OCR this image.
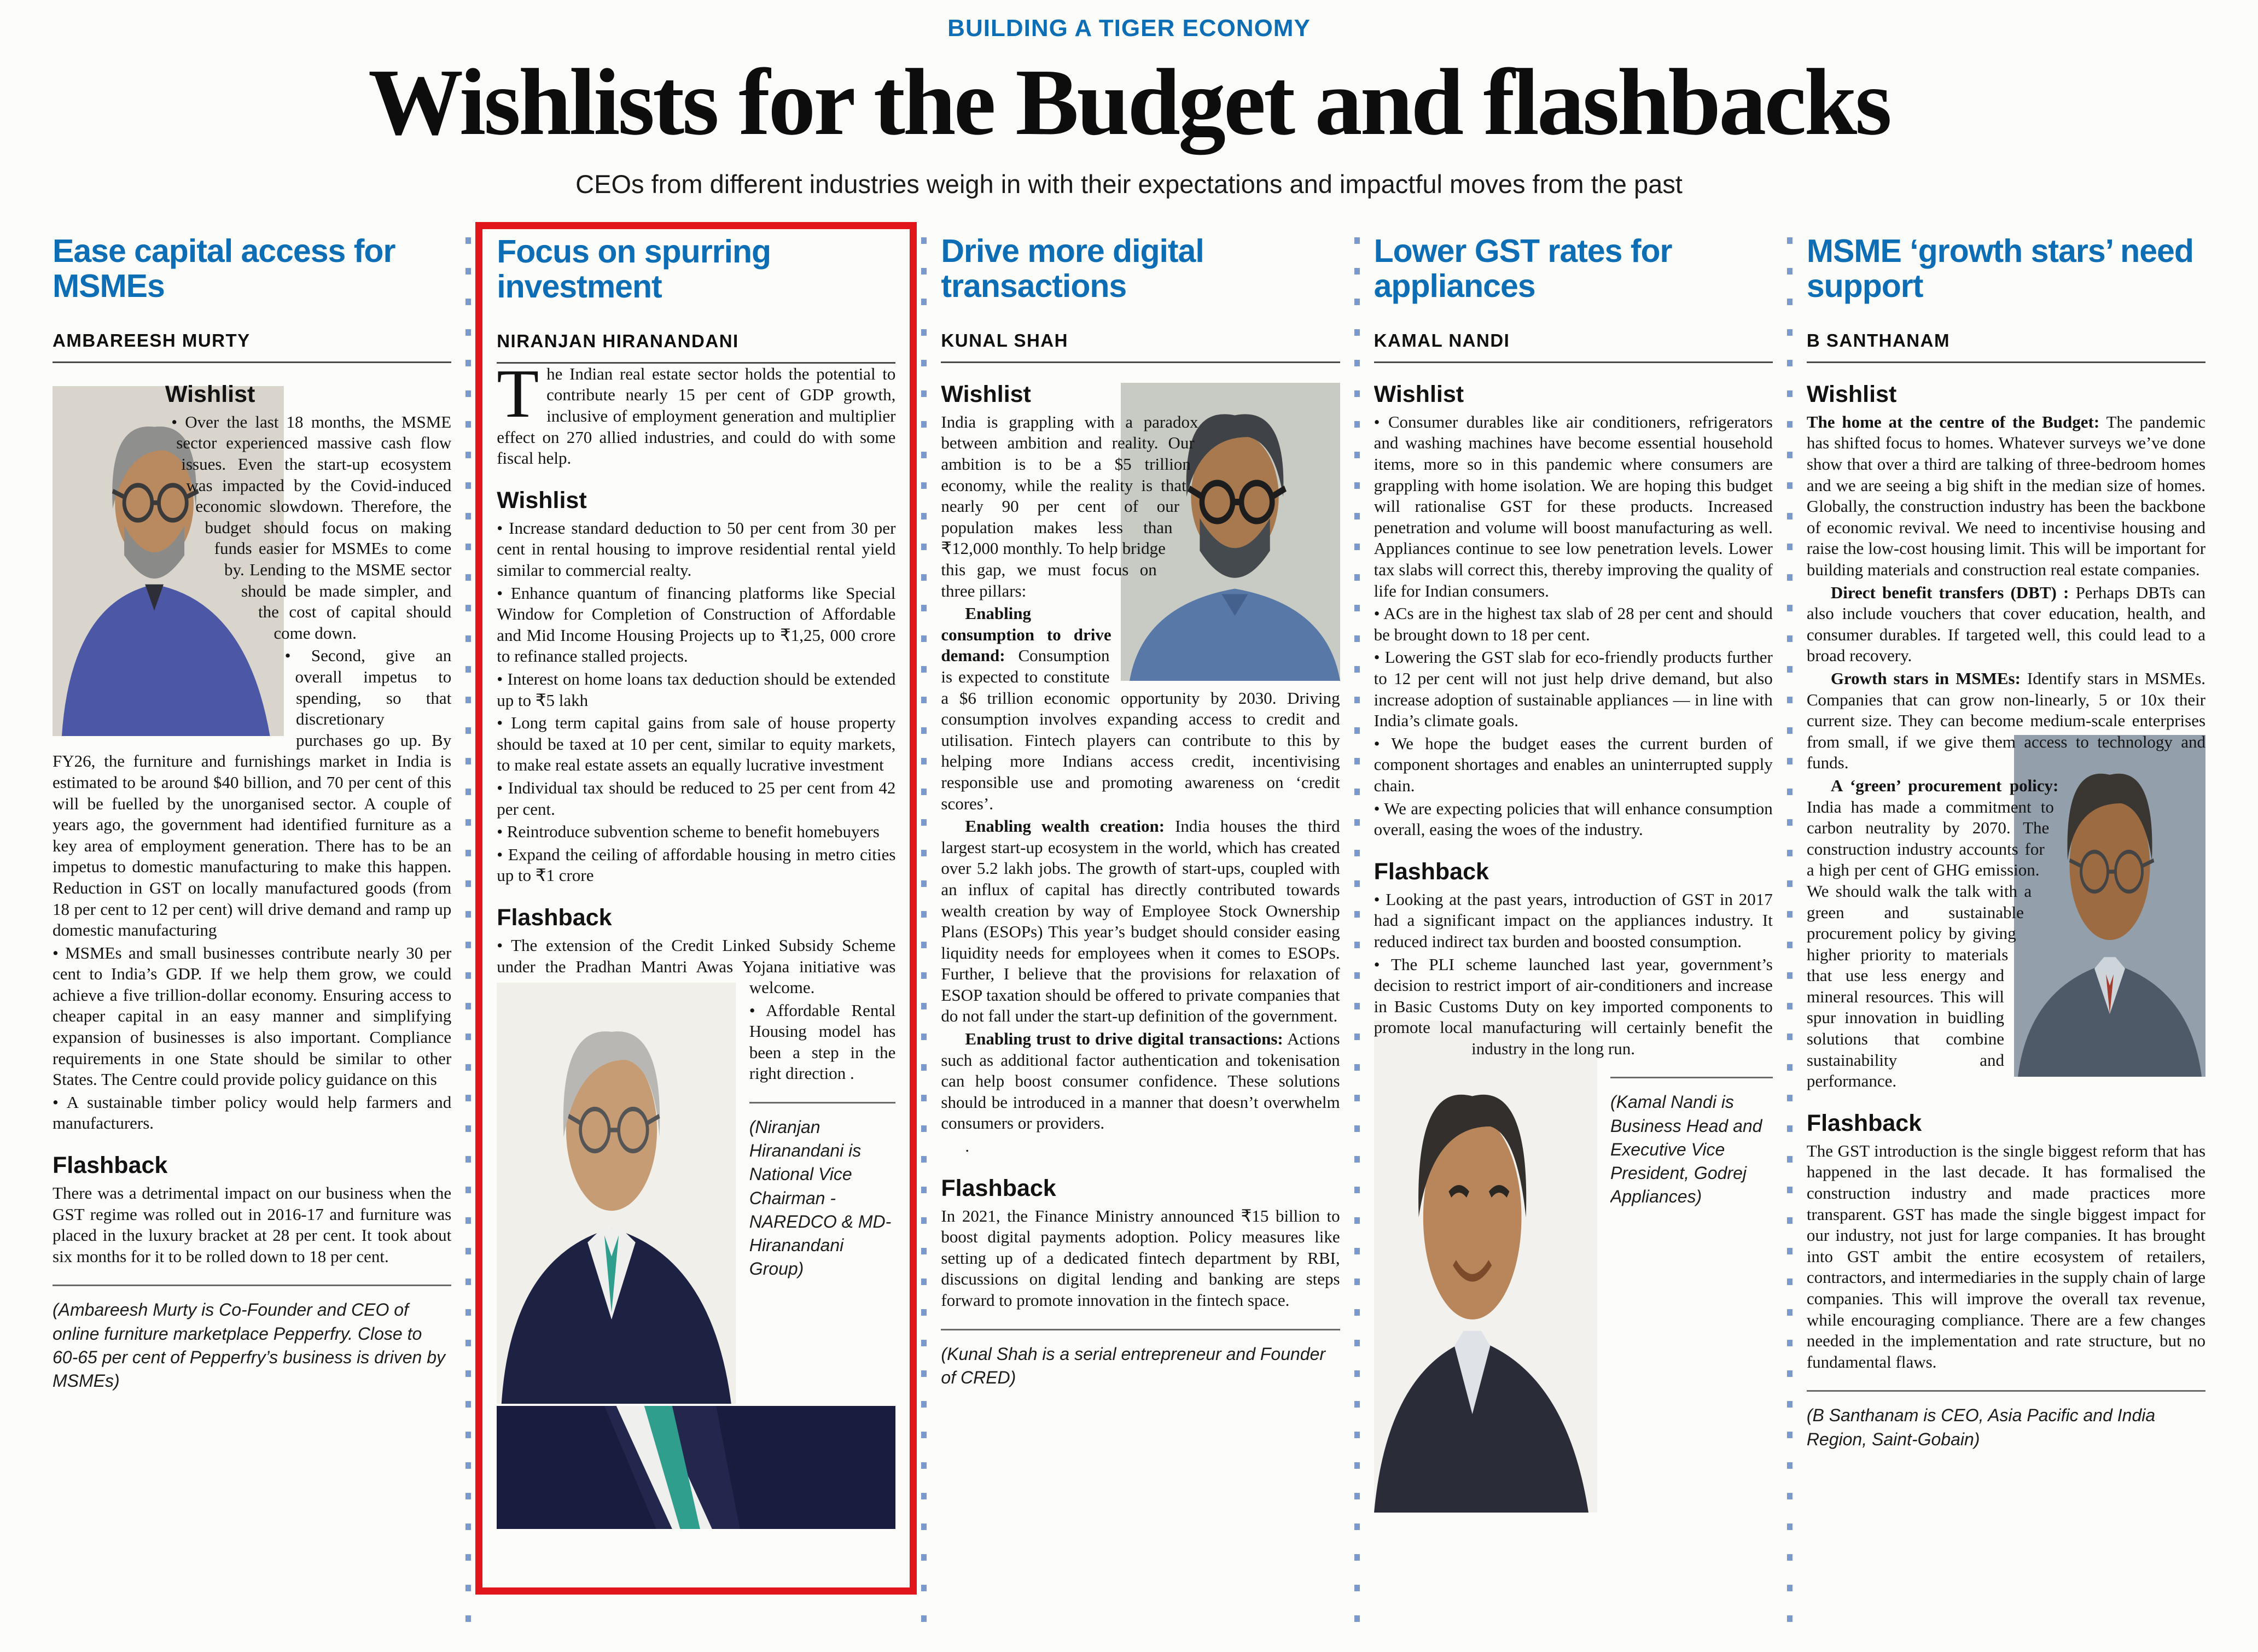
BUILDING A TIGER ECONOMY
Wishlists for the Budget and flashbacks
CEOs from different industries weigh in with their expectations and impactful moves from the past
Ease capital access for MSMEs
AMBAREESH MURTY
Wishlist

• Over the last 18 months, the MSME sector experienced massive cash flow issues. Even the start-up ecosystem was impacted by the Covid-induced economic slowdown. Therefore, the budget should focus on making funds easier for MSMEs to come by. Lending to the MSME sector should be made simpler, and the cost of capital should come down.

• Second, give an overall impetus to spending, so that discretionary purchases go up. By FY26, the furniture and furnishings market in India is estimated to be around $40 billion, and 70 per cent of this will be fuelled by the unorganised sector. A couple of years ago, the government had identified furniture as a key area of employment generation. There has to be an impetus to domestic manufacturing to make this happen. Reduction in GST on locally manufactured goods (from 18 per cent to 12 per cent) will drive demand and ramp up domestic manufacturing

• MSMEs and small businesses contribute nearly 30 per cent to India’s GDP. If we help them grow, we could achieve a five trillion-dollar economy. Ensuring access to cheaper capital in an easy manner and simplifying expansion of businesses is also important. Compliance requirements in one State should be similar to other States. The Centre could provide policy guidance on this

• A sustainable timber policy would help farmers and manufacturers.

Flashback

There was a detrimental impact on our business when the GST regime was rolled out in 2016-17 and furniture was placed in the luxury bracket at 28 per cent. It took about six months for it to be rolled down to 18 per cent.

(Ambareesh Murty is Co-Founder and CEO of online furniture marketplace Pepperfry. Close to 60-65 per cent of Pepperfry’s business is driven by MSMEs)
Focus on spurring investment
NIRANJAN HIRANANDANI

The Indian real estate sector holds the potential to contribute nearly 15 per cent of GDP growth, inclusive of employment generation and multiplier effect on 270 allied industries, and could do with some fiscal help.

Wishlist

• Increase standard deduction to 50 per cent from 30 per cent in rental housing to improve residential rental yield similar to commercial realty.

• Enhance quantum of financing platforms like Special Window for Completion of Construction of Affordable and Mid Income Housing Projects up to ₹1,25, 000 crore to refinance stalled projects.

• Interest on home loans tax deduction should be extended up to ₹5 lakh

• Long term capital gains from sale of house property should be taxed at 10 per cent, similar to equity markets, to make real estate assets an equally lucrative investment

• Individual tax should be reduced to 25 per cent from 42 per cent.

• Reintroduce subvention scheme to benefit homebuyers

• Expand the ceiling of affordable housing in metro cities up to ₹1 crore

Flashback

• The extension of the Credit Linked Subsidy Scheme under the Pradhan Mantri Awas Yojana initiative was welcome.

• Affordable Rental Housing model has been a step in the right direction .

(Niranjan Hiranandani is National Vice Chairman - NAREDCO & MD- Hiranandani Group)
Drive more digital transactions
KUNAL SHAH
Wishlist

India is grappling with a paradox between ambition and reality. Our ambition is to be a $5 trillion economy, while the reality is that nearly 90 per cent of our population makes less than ₹12,000 monthly. To help bridge this gap, we must focus on three pillars:

Enabling consumption to drive demand: Consumption is expected to constitute a $6 trillion economic opportunity by 2030. Driving consumption involves expanding access to credit and utilisation. Fintech players can contribute to this by helping more Indians access credit, incentivising responsible use and promoting awareness on ‘credit scores’.

Enabling wealth creation: India houses the third largest start-up ecosystem in the world, which has created over 5.2 lakh jobs. The growth of start-ups, coupled with an influx of capital has directly contributed towards wealth creation by way of Employee Stock Ownership Plans (ESOPs) This year’s budget should consider easing liquidity needs for employees when it comes to ESOPs. Further, I believe that the provisions for relaxation of ESOP taxation should be offered to private companies that do not fall under the start-up definition of the government.

Enabling trust to drive digital transactions: Actions such as additional factor authentication and tokenisation can help boost consumer confidence. These solutions should be introduced in a manner that doesn’t overwhelm consumers or providers.

.

Flashback

In 2021, the Finance Ministry announced ₹15 billion to boost digital payments adoption. Policy measures like setting up of a dedicated fintech department by RBI, discussions on digital lending and banking are steps forward to promote innovation in the fintech space.

(Kunal Shah is a serial entrepreneur and Founder of CRED)
Lower GST rates for appliances
KAMAL NANDI
Wishlist

• Consumer durables like air conditioners, refrigerators and washing machines have become essential household items, more so in this pandemic where consumers are grappling with home isolation. We are hoping this budget will rationalise GST for these products. Increased penetration and volume will boost manufacturing as well. Appliances continue to see low penetration levels. Lower tax slabs will correct this, thereby improving the quality of life for Indian consumers.

• ACs are in the highest tax slab of 28 per cent and should be brought down to 18 per cent.

• Lowering the GST slab for eco-friendly products further to 12 per cent will not just help drive demand, but also increase adoption of sustainable appliances — in line with India’s climate goals.

• We hope the budget eases the current burden of component shortages and enables an uninterrupted supply chain.

• We are expecting policies that will enhance consumption overall, easing the woes of the industry.

Flashback

• Looking at the past years, introduction of GST in 2017 had a significant impact on the appliances industry. It reduced indirect tax burden and boosted consumption.

• The PLI scheme launched last year, government’s decision to restrict import of air-conditioners and increase in Basic Customs Duty on key imported components to promote local manufacturing will certainly benefit the industry in the long run.

(Kamal Nandi is Business Head and Executive Vice President, Godrej Appliances)
MSME ‘growth stars’ need support
B SANTHANAM
Wishlist

The home at the centre of the Budget: The pandemic has shifted focus to homes. Whatever surveys we’ve done show that over a third are talking of three-bedroom homes and we are seeing a big shift in the median size of homes. Globally, the construction industry has been the backbone of economic revival. We need to incentivise housing and raise the low-cost housing limit. This will be important for building materials and construction real estate companies.

Direct benefit transfers (DBT) : Perhaps DBTs can also include vouchers that cover education, health, and consumer durables. If targeted well, this could lead to a broad recovery.

Growth stars in MSMEs: Identify stars in MSMEs. Companies that can grow non-linearly, 5 or 10x their current size. They can become medium-scale enterprises from small, if we give them access to technology and funds.

A ‘green’ procurement policy: India has made a commitment to carbon neutrality by 2070. The construction industry accounts for a high per cent of GHG emission. We should walk the talk with a green and sustainable procurement policy by giving higher priority to materials that use less energy and mineral resources. This will spur innovation in buidling solutions that combine sustainability and performance.

Flashback

The GST introduction is the single biggest reform that has happened in the last decade. It has formalised the construction industry and made practices more transparent. GST has made the single biggest impact for our industry, not just for large companies. It has brought into GST ambit the entire ecosystem of retailers, contractors, and intermediaries in the supply chain of large companies. This will improve the overall tax revenue, while encouraging compliance. There are a few changes needed in the implementation and rate structure, but no fundamental flaws.

(B Santhanam is CEO, Asia Pacific and India Region, Saint-Gobain)
